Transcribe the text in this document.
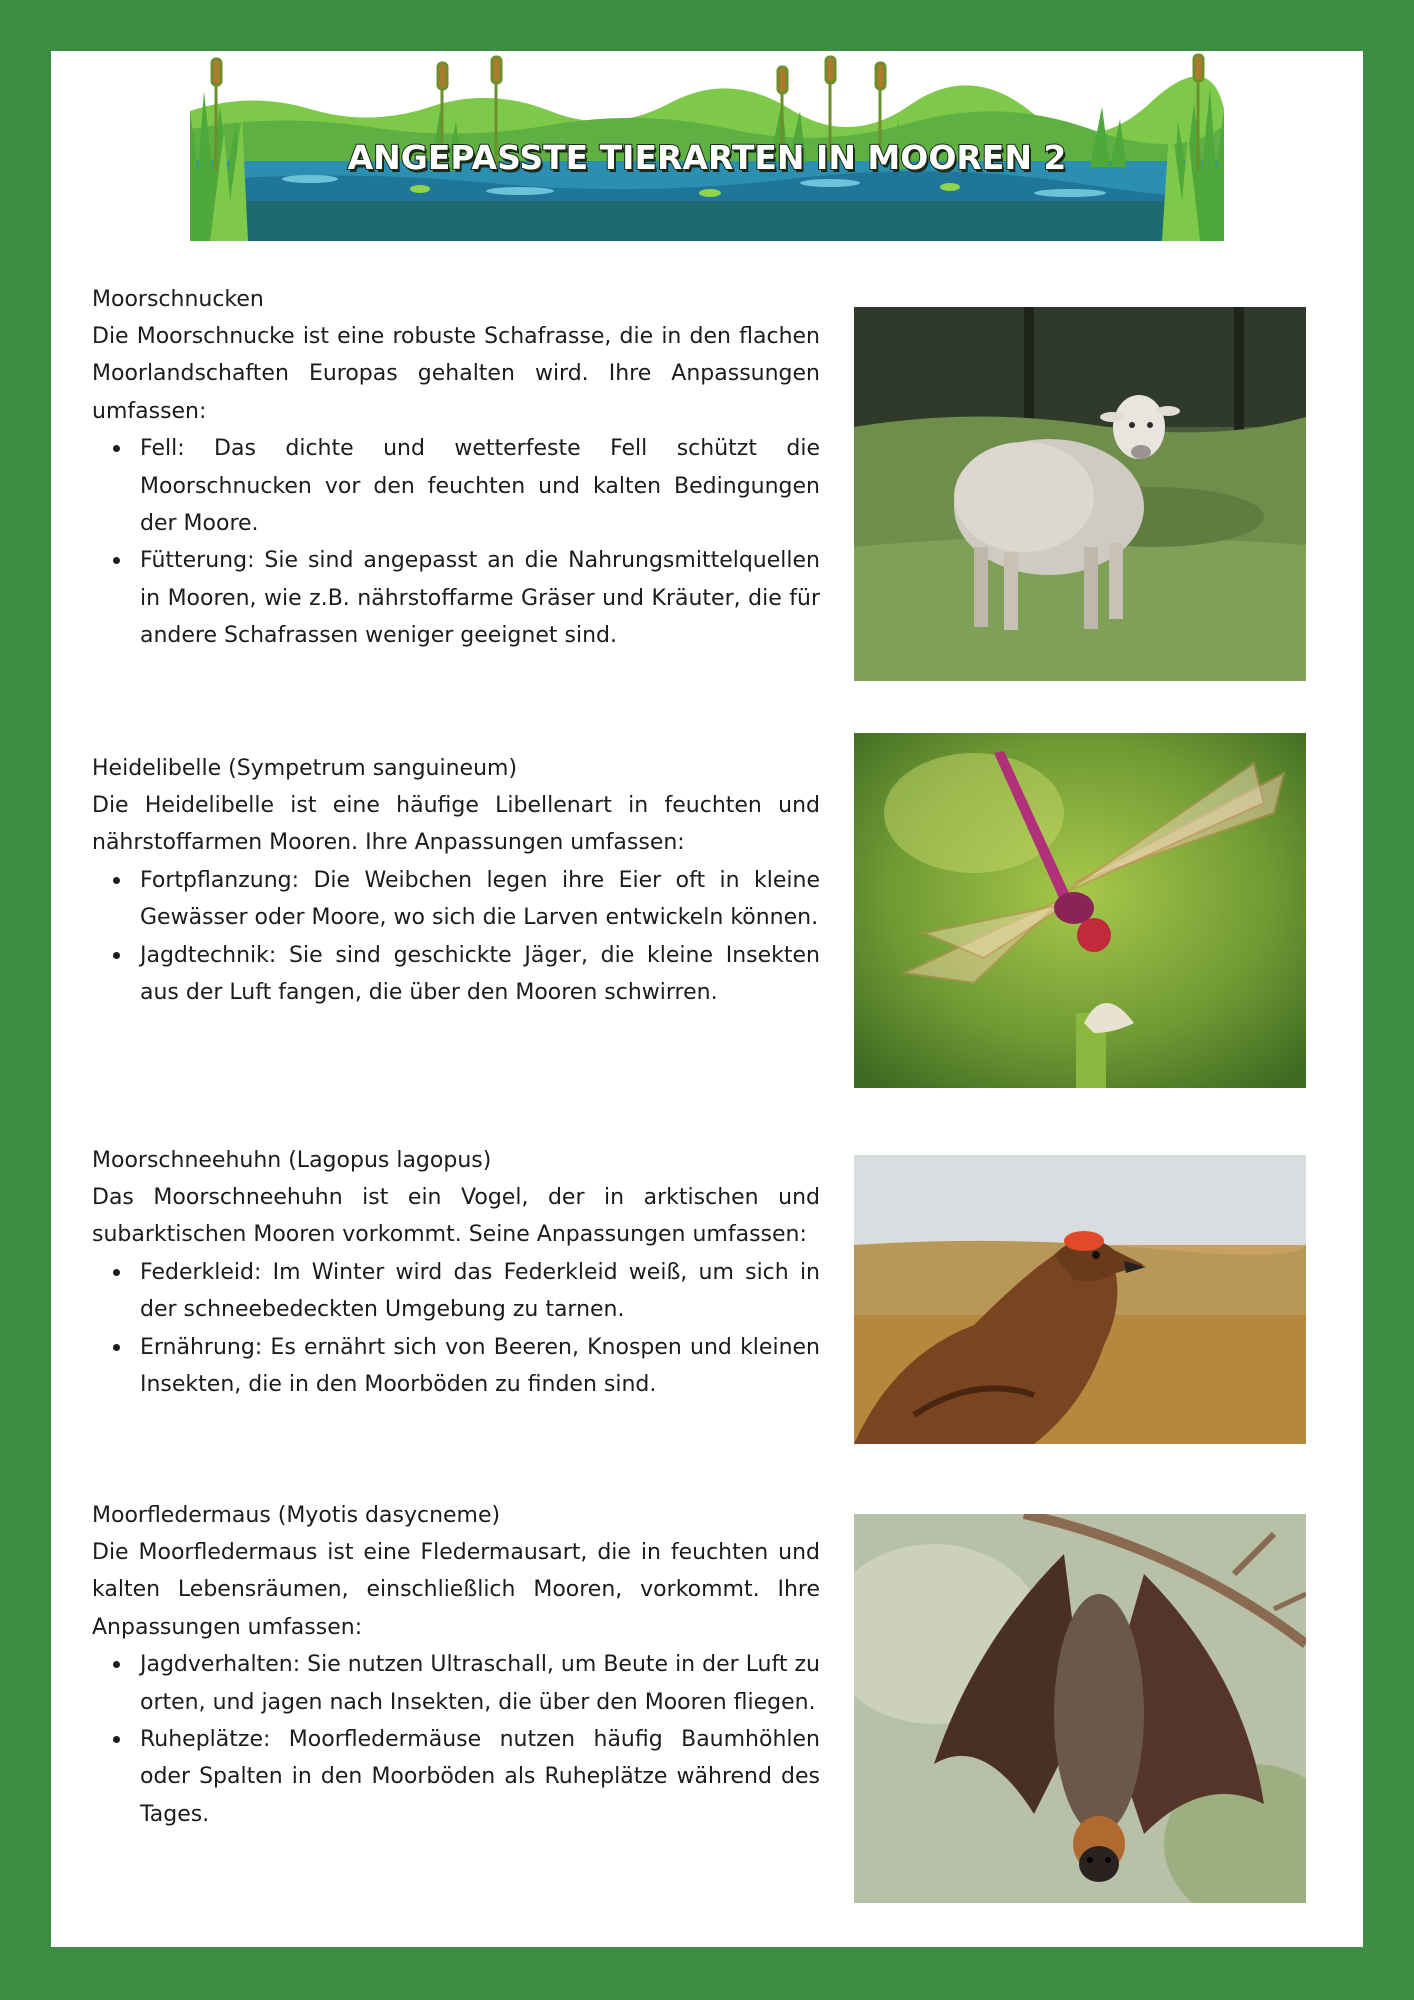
ANGEPASSTE TIERARTEN IN MOOREN 2
Moorschnucken

Die Moorschnucke ist eine robuste Schafrasse, die in den flachen Moorlandschaften Europas gehalten wird. Ihre Anpassungen umfassen:

Fell: Das dichte und wetterfeste Fell schützt die Moorschnucken vor den feuchten und kalten Bedingungen der Moore.
Fütterung: Sie sind angepasst an die Nahrungsmittelquellen in Mooren, wie z.B. nährstoffarme Gräser und Kräuter, die für andere Schafrassen weniger geeignet sind.
Heidelibelle (Sympetrum sanguineum)

Die Heidelibelle ist eine häufige Libellenart in feuchten und nährstoffarmen Mooren. Ihre Anpassungen umfassen:

Fortpflanzung: Die Weibchen legen ihre Eier oft in kleine Gewässer oder Moore, wo sich die Larven entwickeln können.
Jagdtechnik: Sie sind geschickte Jäger, die kleine Insekten aus der Luft fangen, die über den Mooren schwirren.
Moorschneehuhn (Lagopus lagopus)

Das Moorschneehuhn ist ein Vogel, der in arktischen und subarktischen Mooren vorkommt. Seine Anpassungen umfassen:

Federkleid: Im Winter wird das Federkleid weiß, um sich in der schneebedeckten Umgebung zu tarnen.
Ernährung: Es ernährt sich von Beeren, Knospen und kleinen Insekten, die in den Moorböden zu finden sind.
Moorfledermaus (Myotis dasycneme)

Die Moorfledermaus ist eine Fledermausart, die in feuchten und kalten Lebensräumen, einschließlich Mooren, vorkommt. Ihre Anpassungen umfassen:

Jagdverhalten: Sie nutzen Ultraschall, um Beute in der Luft zu orten, und jagen nach Insekten, die über den Mooren fliegen.
Ruheplätze: Moorfledermäuse nutzen häufig Baumhöhlen oder Spalten in den Moorböden als Ruheplätze während des Tages.
